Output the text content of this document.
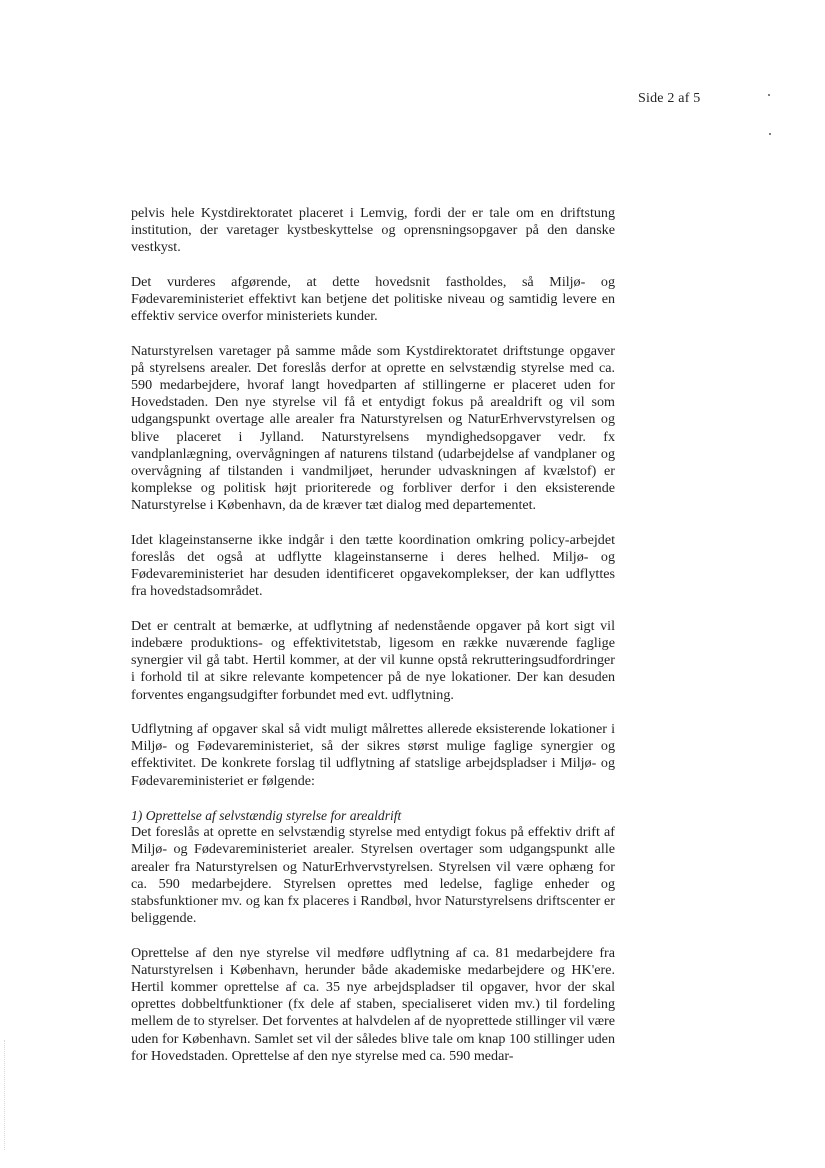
Side 2 af 5

pelvis hele Kystdirektoratet placeret i Lemvig, fordi der er tale om en driftstung institution, der varetager kystbeskyttelse og oprensningsopgaver på den danske vestkyst.

Det vurderes afgørende, at dette hovedsnit fastholdes, så Miljø- og Fødevareministeriet effektivt kan betjene det politiske niveau og samtidig levere en effektiv service overfor ministeriets kunder.

Naturstyrelsen varetager på samme måde som Kystdirektoratet driftstunge opgaver på styrelsens arealer. Det foreslås derfor at oprette en selvstændig styrelse med ca. 590 medarbejdere, hvoraf langt hovedparten af stillingerne er placeret uden for Hovedstaden. Den nye styrelse vil få et entydigt fokus på arealdrift og vil som udgangspunkt overtage alle arealer fra Naturstyrelsen og NaturErhvervstyrelsen og blive placeret i Jylland. Naturstyrelsens myndighedsopgaver vedr. fx vandplanlægning, overvågningen af naturens tilstand (udarbejdelse af vandplaner og overvågning af tilstanden i vandmiljøet, herunder udvaskningen af kvælstof) er komplekse og politisk højt prioriterede og forbliver derfor i den eksisterende Naturstyrelse i København, da de kræver tæt dialog med departementet.

Idet klageinstanserne ikke indgår i den tætte koordination omkring policy-arbejdet foreslås det også at udflytte klageinstanserne i deres helhed. Miljø- og Fødevareministeriet har desuden identificeret opgavekomplekser, der kan udflyttes fra hovedstadsområdet.

Det er centralt at bemærke, at udflytning af nedenstående opgaver på kort sigt vil indebære produktions- og effektivitetstab, ligesom en række nuværende faglige synergier vil gå tabt. Hertil kommer, at der vil kunne opstå rekrutteringsudfordringer i forhold til at sikre relevante kompetencer på de nye lokationer. Der kan desuden forventes engangsudgifter forbundet med evt. udflytning.

Udflytning af opgaver skal så vidt muligt målrettes allerede eksisterende lokationer i Miljø- og Fødevareministeriet, så der sikres størst mulige faglige synergier og effektivitet. De konkrete forslag til udflytning af statslige arbejdspladser i Miljø- og Fødevareministeriet er følgende:

1) Oprettelse af selvstændig styrelse for arealdrift

Det foreslås at oprette en selvstændig styrelse med entydigt fokus på effektiv drift af Miljø- og Fødevareministeriet arealer. Styrelsen overtager som udgangspunkt alle arealer fra Naturstyrelsen og NaturErhvervstyrelsen. Styrelsen vil være ophæng for ca. 590 medarbejdere. Styrelsen oprettes med ledelse, faglige enheder og stabsfunktioner mv. og kan fx placeres i Randbøl, hvor Naturstyrelsens driftscenter er beliggende.

Oprettelse af den nye styrelse vil medføre udflytning af ca. 81 medarbejdere fra Naturstyrelsen i København, herunder både akademiske medarbejdere og HK'ere. Hertil kommer oprettelse af ca. 35 nye arbejdspladser til opgaver, hvor der skal oprettes dobbeltfunktioner (fx dele af staben, specialiseret viden mv.) til fordeling mellem de to styrelser. Det forventes at halvdelen af de nyoprettede stillinger vil være uden for København. Samlet set vil der således blive tale om knap 100 stillinger uden for Hovedstaden. Oprettelse af den nye styrelse med ca. 590 medar-
